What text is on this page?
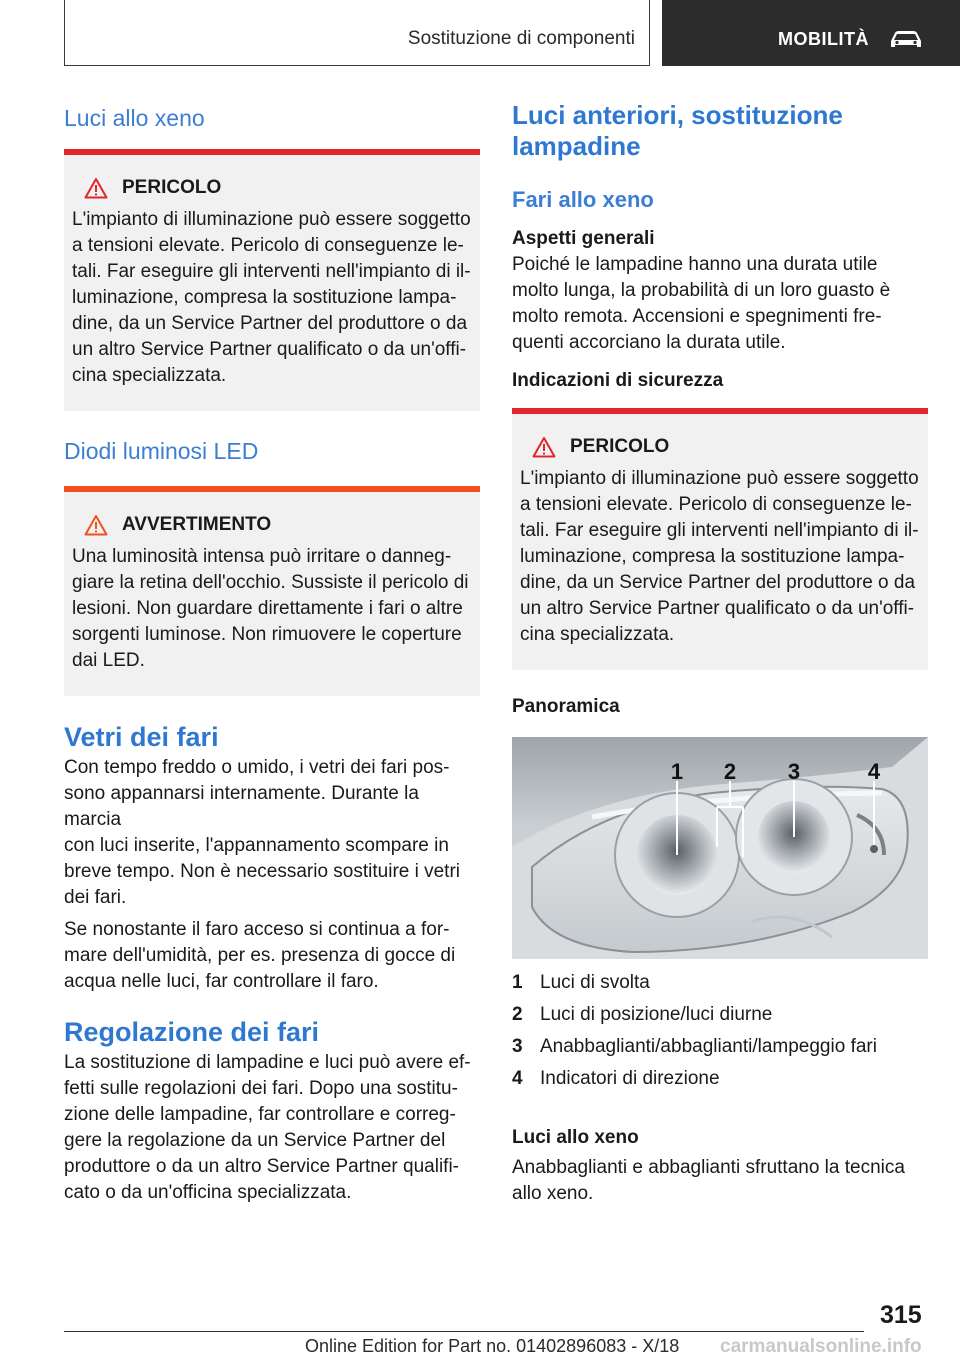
Sostituzione di componenti	MOBILITÀ
Luci allo xeno
PERICOLO
L'impianto di illuminazione può essere soggetto
a tensioni elevate. Pericolo di conseguenze le-
tali. Far eseguire gli interventi nell'impianto di il-
luminazione, compresa la sostituzione lampa-
dine, da un Service Partner del produttore o da
un altro Service Partner qualificato o da un'offi-
cina specializzata.
Diodi luminosi LED
AVVERTIMENTO
Una luminosità intensa può irritare o danneg-
giare la retina dell'occhio. Sussiste il pericolo di
lesioni. Non guardare direttamente i fari o altre
sorgenti luminose. Non rimuovere le coperture
dai LED.
Vetri dei fari
Con tempo freddo o umido, i vetri dei fari pos-
sono appannarsi internamente. Durante la marcia
con luci inserite, l'appannamento scompare in
breve tempo. Non è necessario sostituire i vetri
dei fari.
Se nonostante il faro acceso si continua a for-
mare dell'umidità, per es. presenza di gocce di
acqua nelle luci, far controllare il faro.
Regolazione dei fari
La sostituzione di lampadine e luci può avere ef-
fetti sulle regolazioni dei fari. Dopo una sostitu-
zione delle lampadine, far controllare e correg-
gere la regolazione da un Service Partner del
produttore o da un altro Service Partner qualifi-
cato o da un'officina specializzata.
Luci anteriori, sostituzione
lampadine
Fari allo xeno
Aspetti generali
Poiché le lampadine hanno una durata utile
molto lunga, la probabilità di un loro guasto è
molto remota. Accensioni e spegnimenti fre-
quenti accorciano la durata utile.
Indicazioni di sicurezza
PERICOLO
L'impianto di illuminazione può essere soggetto
a tensioni elevate. Pericolo di conseguenze le-
tali. Far eseguire gli interventi nell'impianto di il-
luminazione, compresa la sostituzione lampa-
dine, da un Service Partner del produttore o da
un altro Service Partner qualificato o da un'offi-
cina specializzata.
Panoramica
1 2 3	4
1 Luci di svolta
2 Luci di posizione/luci diurne
3 Anabbaglianti/abbaglianti/lampeggio fari
4 Indicatori di direzione
Luci allo xeno
Anabbaglianti e abbaglianti sfruttano la tecnica
allo xeno.
315
Online Edition for Part no. 01402896083 - X/18 carmanualsonline.info
